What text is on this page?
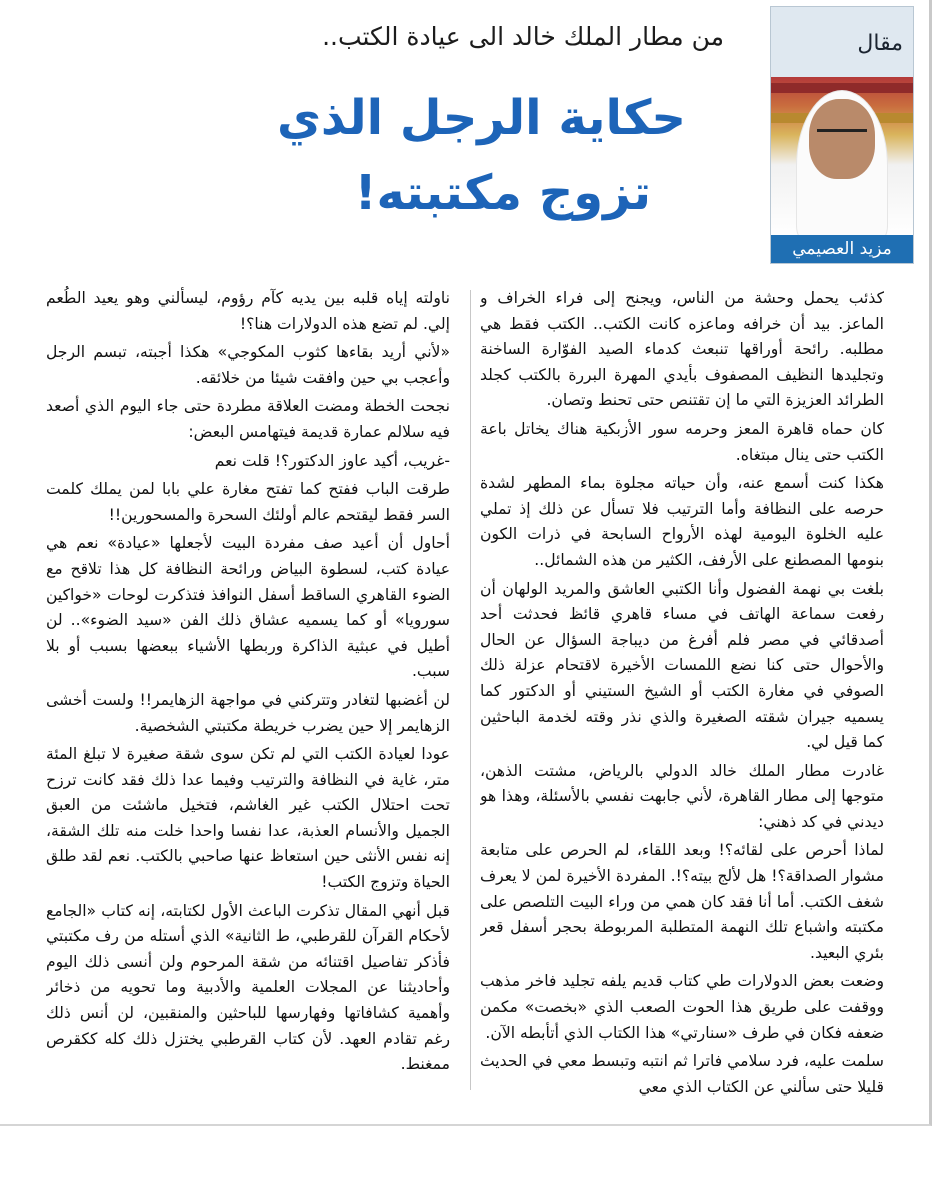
مقال
مزيد العصيمي
من مطار الملك خالد الى عيادة الكتب..
حكاية الرجل الذي
تزوج مكتبته!

كذئب يحمل وحشة من الناس، ويجنح إلى فراء الخراف و الماعز. بيد أن خرافه وماعزه كانت الكتب.. الكتب فقط هي مطلبه. رائحة أوراقها تنبعث كدماء الصيد الفوّارة الساخنة وتجليدها النظيف المصفوف بأيدي المهرة البررة بالكتب كجلد الطرائد العزيزة التي ما إن تقتنص حتى تحنط وتصان.

كان حماه قاهرة المعز وحرمه سور الأزبكية هناك يخاتل باعة الكتب حتى ينال مبتغاه.

هكذا كنت أسمع عنه، وأن حياته مجلوة بماء المطهر لشدة حرصه على النظافة وأما الترتيب فلا تسأل عن ذلك إذ تملي عليه الخلوة اليومية لهذه الأرواح السابحة في ذرات الكون بنومها المصطنع على الأرفف، الكثير من هذه الشمائل..

بلغت بي نهمة الفضول وأنا الكتبي العاشق والمريد الولهان أن رفعت سماعة الهاتف في مساء قاهري قائظ فحدثت أحد أصدقائي في مصر فلم أفرغ من ديباجة السؤال عن الحال والأحوال حتى كنا نضع اللمسات الأخيرة لاقتحام عزلة ذلك الصوفي في مغارة الكتب أو الشيخ الستيني أو الدكتور كما يسميه جيران شقته الصغيرة والذي نذر وقته لخدمة الباحثين كما قيل لي.

غادرت مطار الملك خالد الدولي بالرياض، مشتت الذهن، متوجها إلى مطار القاهرة، لأني جابهت نفسي بالأسئلة، وهذا هو ديدني في كد ذهني:

لماذا أحرص على لقائه؟! وبعد اللقاء، لم الحرص على متابعة مشوار الصداقة؟! هل لألج بيته؟!. المفردة الأخيرة لمن لا يعرف شغف الكتب. أما أنا فقد كان همي من وراء البيت التلصص على مكتبته واشباع تلك النهمة المتطلبة المربوطة بحجر أسفل قعر بئري البعيد.

وضعت بعض الدولارات طي كتاب قديم يلفه تجليد فاخر مذهب ووقفت على طريق هذا الحوت الصعب الذي «بخصت» مكمن ضعفه فكان في طرف «سنارتي» هذا الكتاب الذي أتأبطه الآن.

سلمت عليه، فرد سلامي فاترا ثم انتبه وتبسط معي في الحديث قليلا حتى سألني عن الكتاب الذي معي

ناولته إياه قلبه بين يديه كآم رؤوم، ليسألني وهو يعيد الطُعم إلي. لم تضع هذه الدولارات هنا؟!

«لأني أريد بقاءها كثوب المكوجي» هكذا أجبته، تبسم الرجل وأعجب بي حين وافقت شيئا من خلائقه.

نجحت الخطة ومضت العلاقة مطردة حتى جاء اليوم الذي أصعد فيه سلالم عمارة قديمة فيتهامس البعض:

-غريب، أكيد عاوز الدكتور؟! قلت نعم

طرقت الباب ففتح كما تفتح مغارة علي بابا لمن يملك كلمت السر فقط ليقتحم عالم أولئك السحرة والمسحورين!!

أحاول أن أعيد صف مفردة البيت لأجعلها «عيادة» نعم هي عيادة كتب، لسطوة البياض ورائحة النظافة كل هذا تلاقح مع الضوء القاهري الساقط أسفل النوافذ فتذكرت لوحات «خواكين سورويا» أو كما يسميه عشاق ذلك الفن «سيد الضوء».. لن أطيل في عبثية الذاكرة وربطها الأشياء ببعضها بسبب أو بلا سبب.

لن أغضبها لتغادر وتتركني في مواجهة الزهايمر!! ولست أخشى الزهايمر إلا حين يضرب خريطة مكتبتي الشخصية.

عودا لعيادة الكتب التي لم تكن سوى شقة صغيرة لا تبلغ المئة متر، غاية في النظافة والترتيب وفيما عدا ذلك فقد كانت ترزح تحت احتلال الكتب غير الغاشم، فتخيل ماشئت من العبق الجميل والأنسام العذبة، عدا نفسا واحدا خلت منه تلك الشقة، إنه نفس الأنثى حين استعاظ عنها صاحبي بالكتب. نعم لقد طلق الحياة وتزوج الكتب!

قبل أنهي المقال تذكرت الباعث الأول لكتابته، إنه كتاب «الجامع لأحكام القرآن للقرطبي، ط الثانية» الذي أستله من رف مكتبتي فأذكر تفاصيل اقتنائه من شقة المرحوم ولن أنسى ذلك اليوم وأحاديثنا عن المجلات العلمية والأدبية وما تحويه من ذخائر وأهمية كشافاتها وفهارسها للباحثين والمنقبين، لن أنس ذلك رغم تقادم العهد. لأن كتاب القرطبي يختزل ذلك كله ككقرص ممغنط.
